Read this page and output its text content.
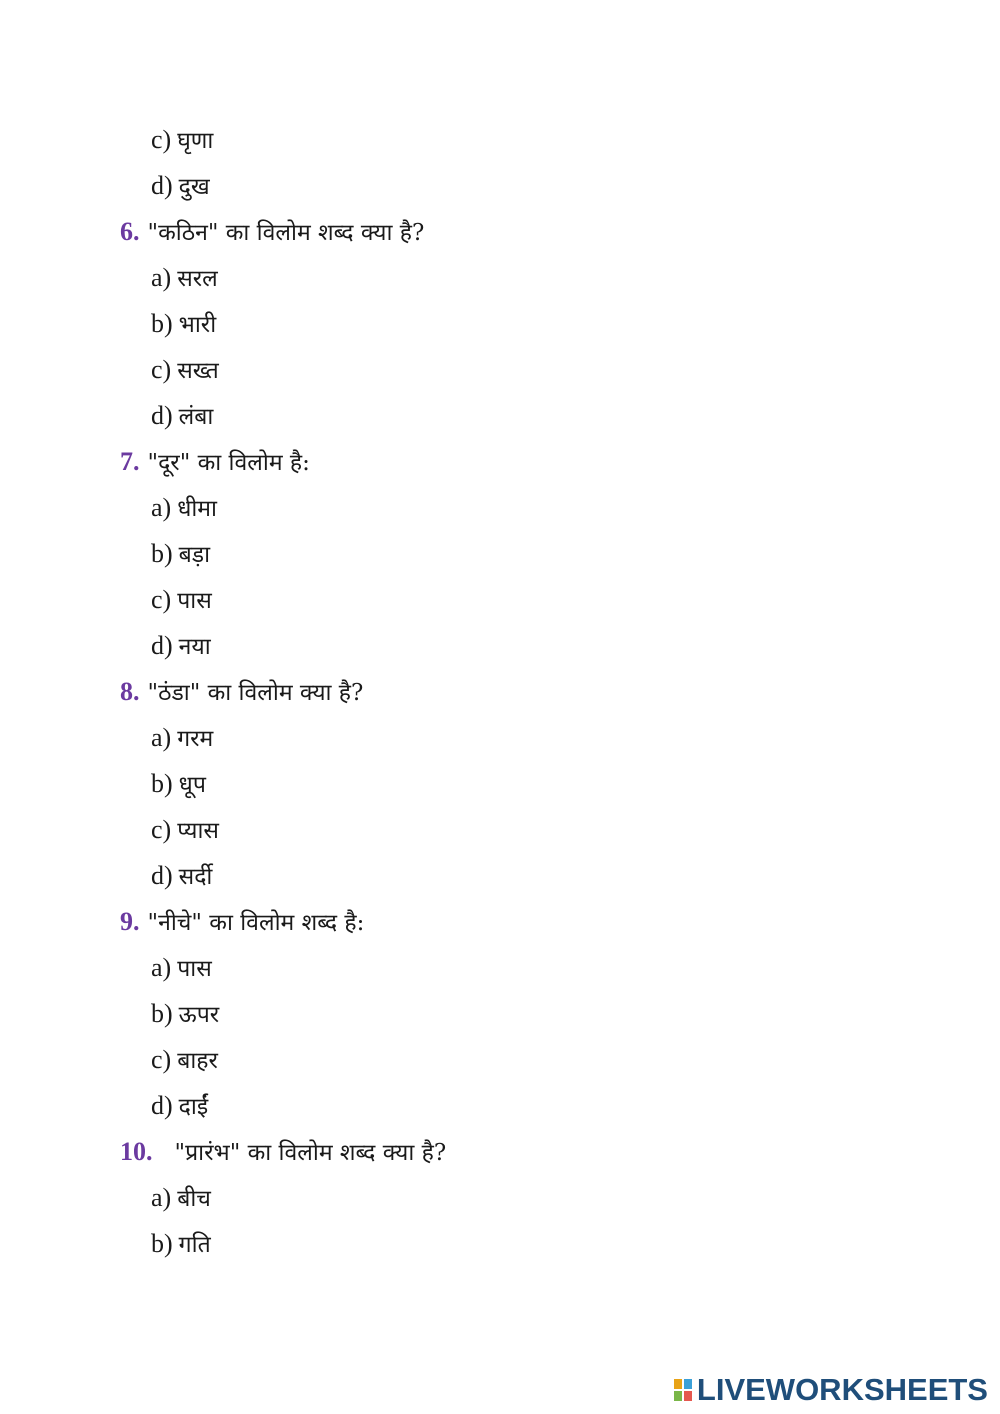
c) घृणा
d) दुख
6. "कठिन" का विलोम शब्द क्या है?
a) सरल
b) भारी
c) सख्त
d) लंबा
7. "दूर" का विलोम है:
a) धीमा
b) बड़ा
c) पास
d) नया
8. "ठंडा" का विलोम क्या है?
a) गरम
b) धूप
c) प्यास
d) सर्दी
9. "नीचे" का विलोम शब्द है:
a) पास
b) ऊपर
c) बाहर
d) दाईं
10. "प्रारंभ" का विलोम शब्द क्या है?
a) बीच
b) गति
LIVEWORKSHEETS
